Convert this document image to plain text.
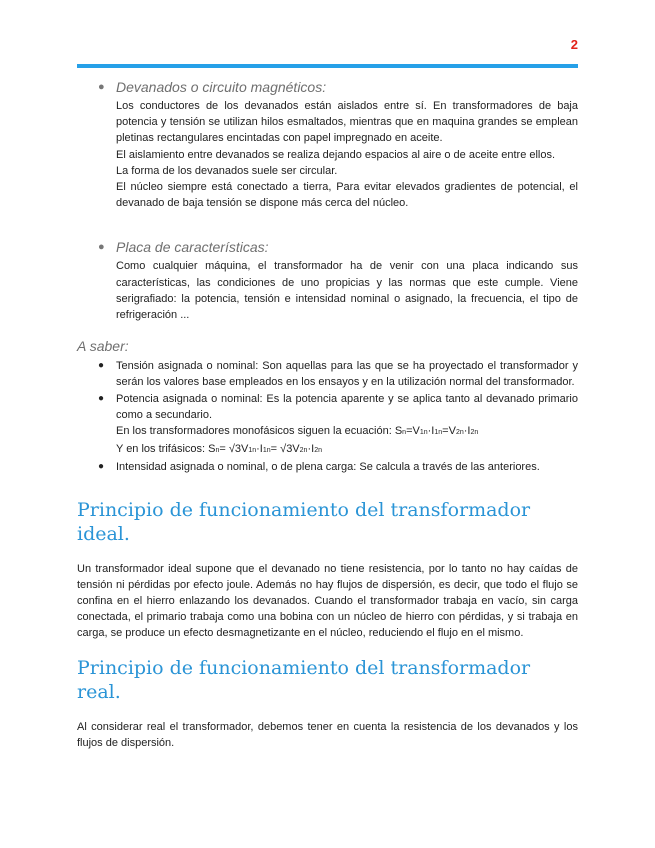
2
● Devanados o circuito magnéticos:

Los conductores de los devanados están aislados entre sí. En transformadores de baja potencia y tensión se utilizan hilos esmaltados, mientras que en maquina grandes se emplean pletinas rectangulares encintadas con papel impregnado en aceite.

El aislamiento entre devanados se realiza dejando espacios al aire o de aceite entre ellos.

La forma de los devanados suele ser circular.

El núcleo siempre está conectado a tierra, Para evitar elevados gradientes de potencial, el devanado de baja tensión se dispone más cerca del núcleo.

● Placa de características:

Como cualquier máquina, el transformador ha de venir con una placa indicando sus características, las condiciones de uno propicias y las normas que este cumple. Viene serigrafiado: la potencia, tensión e intensidad nominal o asignado, la frecuencia, el tipo de refrigeración ...

A saber:
● Tensión asignada o nominal: Son aquellas para las que se ha proyectado el transformador y serán los valores base empleados en los ensayos y en la utilización normal del transformador.

● Potencia asignada o nominal: Es la potencia aparente y se aplica tanto al devanado primario como a secundario.

En los transformadores monofásicos siguen la ecuación: Sn=V1n·I1n=V2n·I2n

Y en los trifásicos: Sn= √3V1n·I1n= √3V2n·I2n

● Intensidad asignada o nominal, o de plena carga: Se calcula a través de las anteriores.

Principio de funcionamiento del transformador ideal.

Un transformador ideal supone que el devanado no tiene resistencia, por lo tanto no hay caídas de tensión ni pérdidas por efecto joule. Además no hay flujos de dispersión, es decir, que todo el flujo se confina en el hierro enlazando los devanados. Cuando el transformador trabaja en vacío, sin carga conectada, el primario trabaja como una bobina con un núcleo de hierro con pérdidas, y si trabaja en carga, se produce un efecto desmagnetizante en el núcleo, reduciendo el flujo en el mismo.

Principio de funcionamiento del transformador real.

Al considerar real el transformador, debemos tener en cuenta la resistencia de los devanados y los flujos de dispersión.
